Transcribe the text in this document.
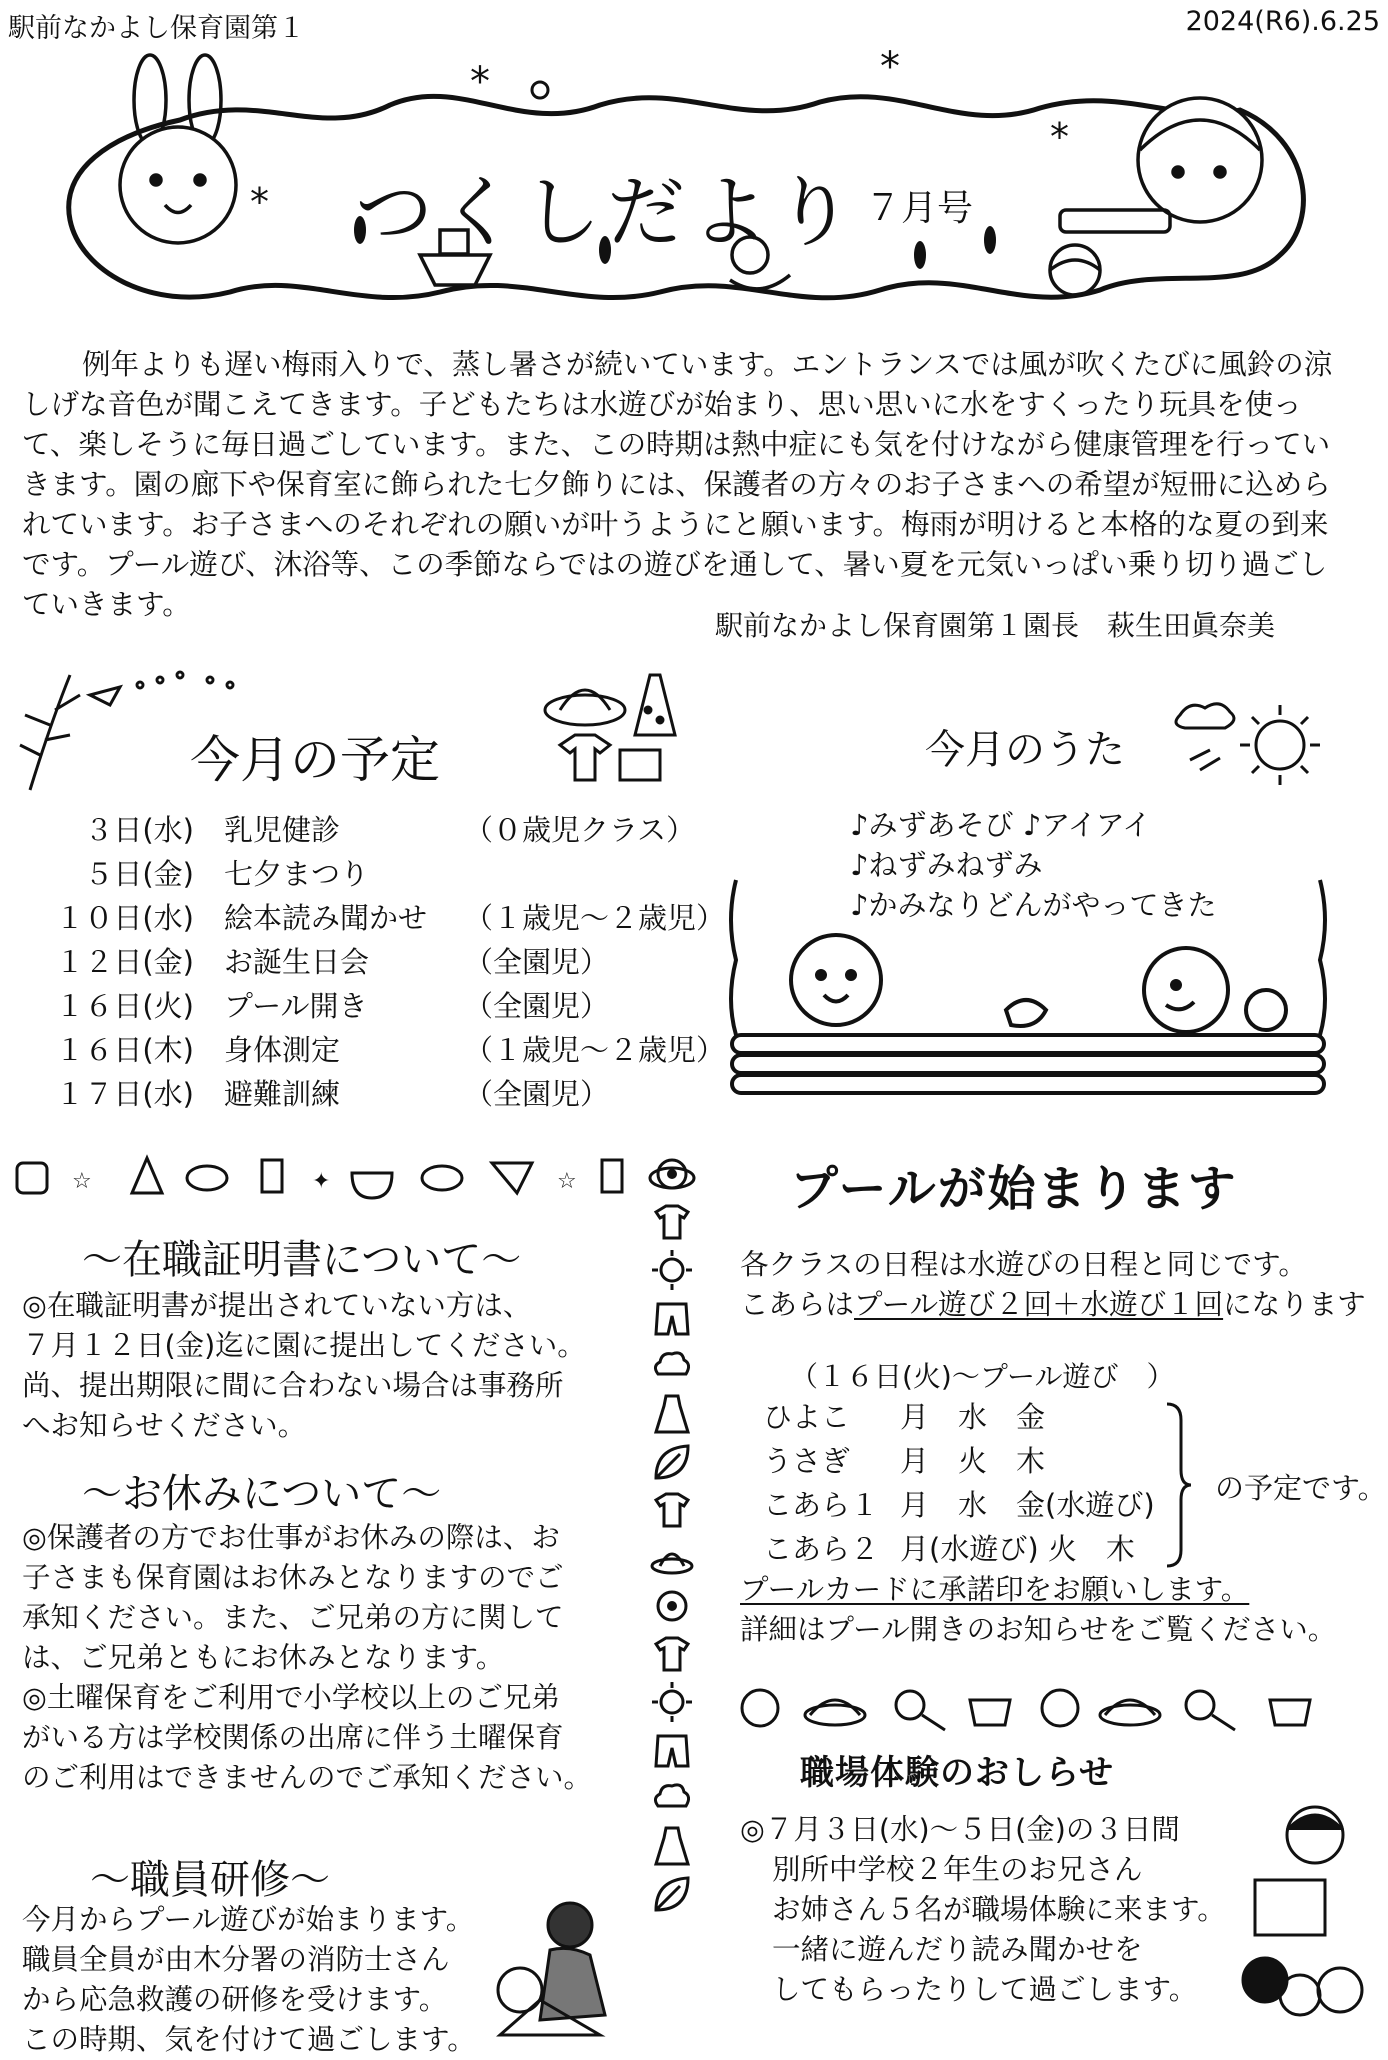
駅前なかよし保育園第１	2024(R6).6.25
*	*
*
*
つくしだより ７月号

例年よりも遅い梅雨入りで、蒸し暑さが続いています。エントランスでは風が吹くたびに風鈴の涼しげな音色が聞こえてきます。子どもたちは水遊びが始まり、思い思いに水をすくったり玩具を使って、楽しそうに毎日過ごしています。また、この時期は熱中症にも気を付けながら健康管理を行っていきます。園の廊下や保育室に飾られた七夕飾りには、保護者の方々のお子さまへの希望が短冊に込められています。お子さまへのそれぞれの願いが叶うようにと願います。梅雨が明けると本格的な夏の到来です。プール遊び、沐浴等、この季節ならではの遊びを通して、暑い夏を元気いっぱい乗り切り過ごしていきます。

駅前なかよし保育園第１園長　萩生田眞奈美
今月の予定
３日(水)	乳児健診	（０歳児クラス）
５日(金)	七夕まつり	
１０日(水)	絵本読み聞かせ	（１歳児～２歳児）
１２日(金)	お誕生日会	（全園児）
１６日(火)	プール開き	（全園児）
１６日(木)	身体測定	（１歳児～２歳児）
１７日(水)	避難訓練	（全園児）
今月のうた
♪みずあそび ♪アイアイ
♪ねずみねずみ
♪かみなりどんがやってきた
☆	✦	☆
～在職証明書について～

◎在職証明書が提出されていない方は、

７月１２日(金)迄に園に提出してください。

尚、提出期限に間に合わない場合は事務所

へお知らせください。

～お休みについて～

◎保護者の方でお仕事がお休みの際は、お

子さまも保育園はお休みとなりますのでご

承知ください。また、ご兄弟の方に関して

は、ご兄弟ともにお休みとなります。

◎土曜保育をご利用で小学校以上のご兄弟

がいる方は学校関係の出席に伴う土曜保育

のご利用はできませんのでご承知ください。

～職員研修～

今月からプール遊びが始まります。

職員全員が由木分署の消防士さん

から応急救護の研修を受けます。

この時期、気を付けて過ごします。

プールが始まります

各クラスの日程は水遊びの日程と同じです。

こあらはプール遊び２回＋水遊び１回になります

（１６日(火)～プール遊び　）
ひよこ	月　水　金
うさぎ	月　火　木
こあら１	月　水　金(水遊び)
こあら２	月(水遊び) 火　木
の予定です。

プールカードに承諾印をお願いします。

詳細はプール開きのお知らせをご覧ください。

職場体験のおしらせ

◎７月３日(水)～５日(金)の３日間

別所中学校２年生のお兄さん

お姉さん５名が職場体験に来ます。

一緒に遊んだり読み聞かせを

してもらったりして過ごします。
